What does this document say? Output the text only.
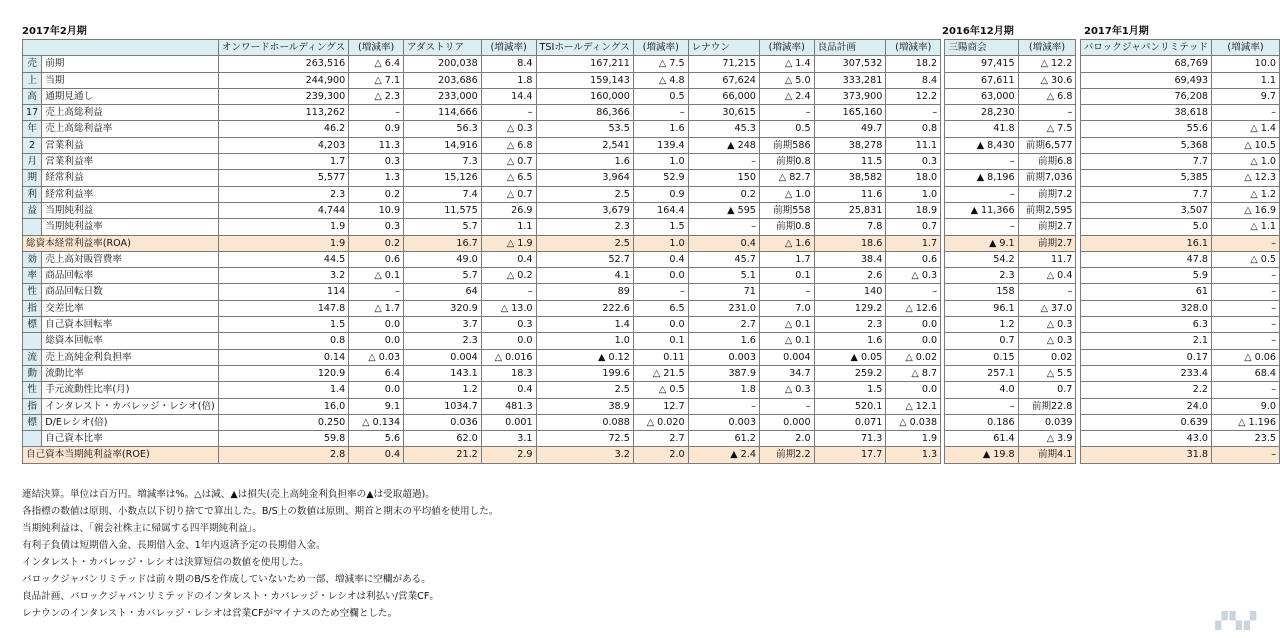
2017年2月期	2016年12月期	2017年1月期
		オンワードホールディングス	(増減率)	アダストリア	(増減率)	TSIホールディングス	(増減率)	レナウン	(増減率)	良品計画	(増減率)		三陽商会	(増減率)		バロックジャパンリミテッド	(増減率)
売	前期	263,516	△ 6.4	200,038	8.4	167,211	△ 7.5	71,215	△ 1.4	307,532	18.2		97,415	△ 12.2		68,769	10.0
上	当期	244,900	△ 7.1	203,686	1.8	159,143	△ 4.8	67,624	△ 5.0	333,281	8.4		67,611	△ 30.6		69,493	1.1
高	通期見通し	239,300	△ 2.3	233,000	14.4	160,000	0.5	66,000	△ 2.4	373,900	12.2		63,000	△ 6.8		76,208	9.7
17	売上高総利益	113,262	–	114,666	–	86,366	–	30,615	–	165,160	–		28,230	–		38,618	–
年	売上高総利益率	46.2	0.9	56.3	△ 0.3	53.5	1.6	45.3	0.5	49.7	0.8		41.8	△ 7.5		55.6	△ 1.4
2	営業利益	4,203	11.3	14,916	△ 6.8	2,541	139.4	▲ 248	前期586	38,278	11.1		▲ 8,430	前期6,577		5,368	△ 10.5
月	営業利益率	1.7	0.3	7.3	△ 0.7	1.6	1.0	–	前期0.8	11.5	0.3		–	前期6.8		7.7	△ 1.0
期	経常利益	5,577	1.3	15,126	△ 6.5	3,964	52.9	150	△ 82.7	38,582	18.0		▲ 8,196	前期7,036		5,385	△ 12.3
利	経常利益率	2.3	0.2	7.4	△ 0.7	2.5	0.9	0.2	△ 1.0	11.6	1.0		–	前期7.2		7.7	△ 1.2
益	当期純利益	4,744	10.9	11,575	26.9	3,679	164.4	▲ 595	前期558	25,831	18.9		▲ 11,366	前期2,595		3,507	△ 16.9
	当期純利益率	1.9	0.3	5.7	1.1	2.3	1.5	–	前期0.8	7.8	0.7		–	前期2.7		5.0	△ 1.1
総資本経常利益率(ROA)		1.9	0.2	16.7	△ 1.9	2.5	1.0	0.4	△ 1.6	18.6	1.7		▲ 9.1	前期2.7		16.1	–
効	売上高対販管費率	44.5	0.6	49.0	0.4	52.7	0.4	45.7	1.7	38.4	0.6		54.2	11.7		47.8	△ 0.5
率	商品回転率	3.2	△ 0.1	5.7	△ 0.2	4.1	0.0	5.1	0.1	2.6	△ 0.3		2.3	△ 0.4		5.9	–
性	商品回転日数	114	–	64	–	89	–	71	–	140	–		158	–		61	–
指	交差比率	147.8	△ 1.7	320.9	△ 13.0	222.6	6.5	231.0	7.0	129.2	△ 12.6		96.1	△ 37.0		328.0	–
標	自己資本回転率	1.5	0.0	3.7	0.3	1.4	0.0	2.7	△ 0.1	2.3	0.0		1.2	△ 0.3		6.3	–
	総資本回転率	0.8	0.0	2.3	0.0	1.0	0.1	1.6	△ 0.1	1.6	0.0		0.7	△ 0.3		2.1	–
流	売上高純金利負担率	0.14	△ 0.03	0.004	△ 0.016	▲ 0.12	0.11	0.003	0.004	▲ 0.05	△ 0.02		0.15	0.02		0.17	△ 0.06
動	流動比率	120.9	6.4	143.1	18.3	199.6	△ 21.5	387.9	34.7	259.2	△ 8.7		257.1	△ 5.5		233.4	68.4
性	手元流動性比率(月)	1.4	0.0	1.2	0.4	2.5	△ 0.5	1.8	△ 0.3	1.5	0.0		4.0	0.7		2.2	–
指	インタレスト・カバレッジ・レシオ(倍)	16.0	9.1	1034.7	481.3	38.9	12.7	–	–	520.1	△ 12.1		–	前期22.8		24.0	9.0
標	D/Eレシオ(倍)	0.250	△ 0.134	0.036	0.001	0.088	△ 0.020	0.003	0.000	0.071	△ 0.038		0.186	0.039		0.639	△ 1.196
	自己資本比率	59.8	5.6	62.0	3.1	72.5	2.7	61.2	2.0	71.3	1.9		61.4	△ 3.9		43.0	23.5
自己資本当期純利益率(ROE)		2.8	0.4	21.2	2.9	3.2	2.0	▲ 2.4	前期2.2	17.7	1.3		▲ 19.8	前期4.1		31.8	–
連結決算。単位は百万円。増減率は%。△は減、▲は損失(売上高純金利負担率の▲は受取超過)。
各指標の数値は原則、小数点以下切り捨てで算出した。B/S上の数値は原則、期首と期末の平均値を使用した。
当期純利益は、「親会社株主に帰属する四半期純利益」。
有利子負債は短期借入金、長期借入金、1年内返済予定の長期借入金。
インタレスト・カバレッジ・レシオは決算短信の数値を使用した。
バロックジャパンリミテッドは前々期のB/Sを作成していないため一部、増減率に空欄がある。
良品計画、バロックジャパンリミテッドのインタレスト・カバレッジ・レシオは利払い/営業CF。
レナウンのインタレスト・カバレッジ・レシオは営業CFがマイナスのため空欄とした。	▞▚▞
